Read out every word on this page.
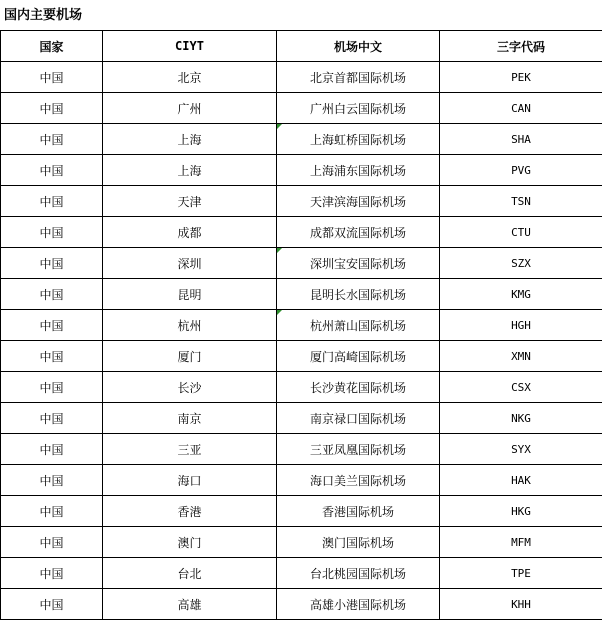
国内主要机场
国家	CIYT	机场中文	三字代码
中国	北京	北京首都国际机场	PEK
中国	广州	广州白云国际机场	CAN
中国	上海	上海虹桥国际机场	SHA
中国	上海	上海浦东国际机场	PVG
中国	天津	天津滨海国际机场	TSN
中国	成都	成都双流国际机场	CTU
中国	深圳	深圳宝安国际机场	SZX
中国	昆明	昆明长水国际机场	KMG
中国	杭州	杭州萧山国际机场	HGH
中国	厦门	厦门高崎国际机场	XMN
中国	长沙	长沙黄花国际机场	CSX
中国	南京	南京禄口国际机场	NKG
中国	三亚	三亚凤凰国际机场	SYX
中国	海口	海口美兰国际机场	HAK
中国	香港	香港国际机场	HKG
中国	澳门	澳门国际机场	MFM
中国	台北	台北桃园国际机场	TPE
中国	高雄	高雄小港国际机场	KHH
